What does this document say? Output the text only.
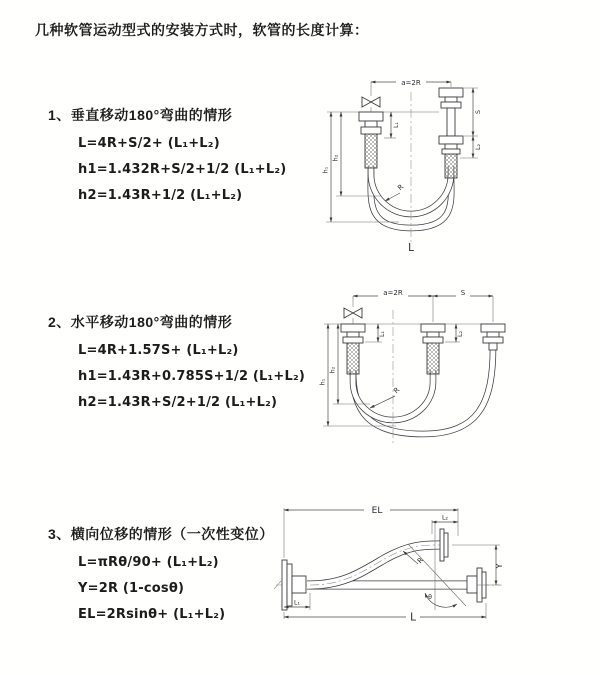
几种软管运动型式的安装方式时，软管的长度计算：
1、垂直移动180°弯曲的情形
L=4R+S/2+ (L₁+L₂)
h1=1.432R+S/2+1/2 (L₁+L₂)
h2=1.43R+1/2 (L₁+L₂)
2、水平移动180°弯曲的情形
L=4R+1.57S+ (L₁+L₂)
h1=1.43R+0.785S+1/2 (L₁+L₂)
h2=1.43R+S/2+1/2 (L₁+L₂)
3、横向位移的情形（一次性变位）
L=πRθ/90+ (L₁+L₂)
Y=2R (1-cosθ)
EL=2Rsinθ+ (L₁+L₂)
a=2R
S
L₂
L₁
h₁
h₂
R
L
a=2R	S
L₁	L₂
h₁
h₂
R
EL
L₂
Y
L
L₁
θ
R
